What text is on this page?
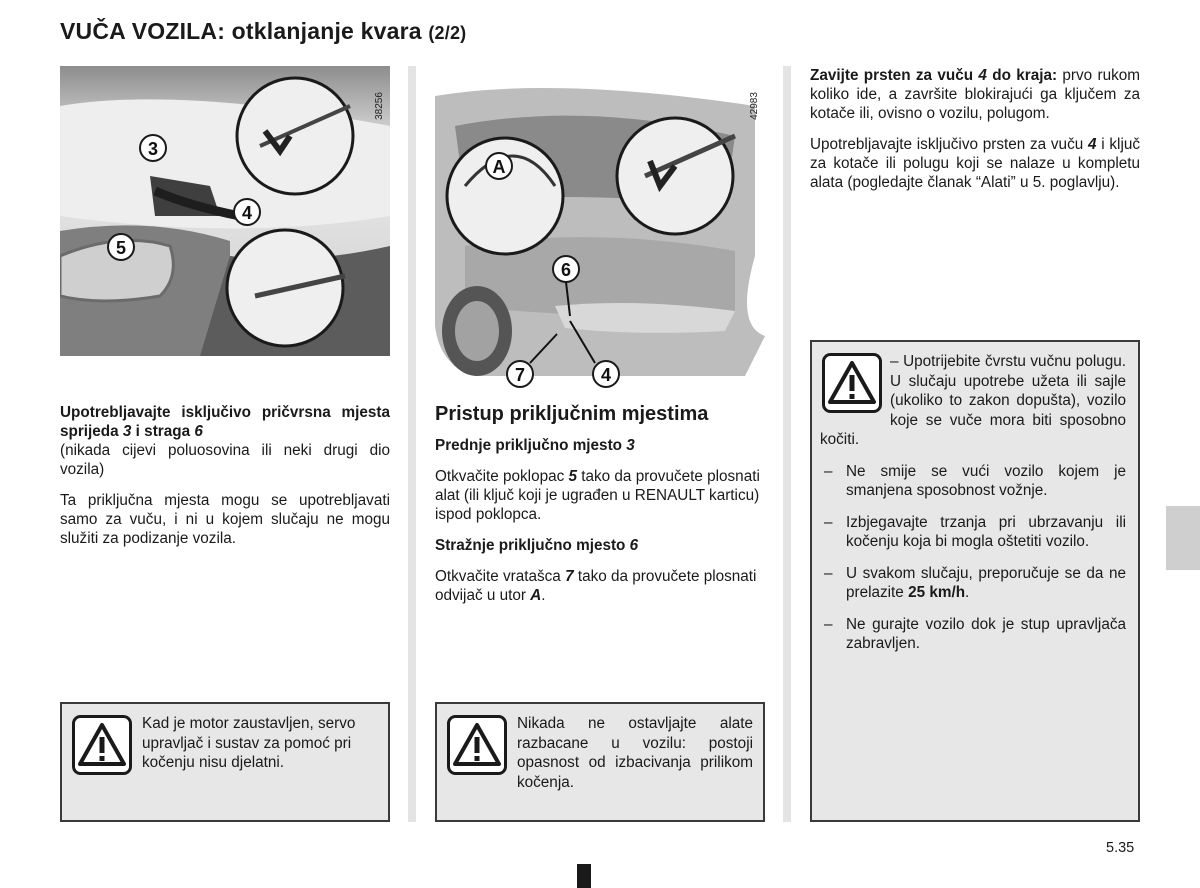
VUČA VOZILA: otklanjanje kvara (2/2)
3
4
5
38256
A
6
7	4
42983

Upotrebljavajte isključivo pričvrsna mjesta sprijeda 3 i straga 6
(nikada cijevi poluosovina ili neki drugi dio vozila)

Ta priključna mjesta mogu se upotrebljavati samo za vuču, i ni u kojem slučaju ne mogu služiti za podizanje vozila.

Pristup priključnim mjestima

Prednje priključno mjesto 3

Otkvačite poklopac 5 tako da provučete plosnati alat (ili ključ koji je ugrađen u RENAULT karticu) ispod poklopca.

Stražnje priključno mjesto 6

Otkvačite vratašca 7 tako da provučete plosnati odvijač u utor A.

Zavijte prsten za vuču 4 do kraja: prvo rukom koliko ide, a završite blokirajući ga ključem za kotače ili, ovisno o vozilu, polugom.

Upotrebljavajte isključivo prsten za vuču 4 i ključ za kotače ili polugu koji se nalaze u kompletu alata (pogledajte članak “Alati” u 5. poglavlju).

Kad je motor zaustavljen, servo upravljač i sustav za pomoć pri kočenju nisu djelatni.
Nikada ne ostavljajte alate razbacane u vozilu: postoji opasnost od izbacivanja prilikom kočenja.
– Upotrijebite čvrstu vučnu polugu. U slučaju upotrebe užeta ili sajle (ukoliko to zakon dopušta), vozilo koje se vuče mora biti sposobno kočiti.
– Ne smije se vući vozilo kojem je smanjena sposobnost vožnje.
– Izbjegavajte trzanja pri ubrzavanju ili kočenju koja bi mogla oštetiti vozilo.
– U svakom slučaju, preporučuje se da ne prelazite 25 km/h.
– Ne gurajte vozilo dok je stup upravljača zabravljen.
5.35
